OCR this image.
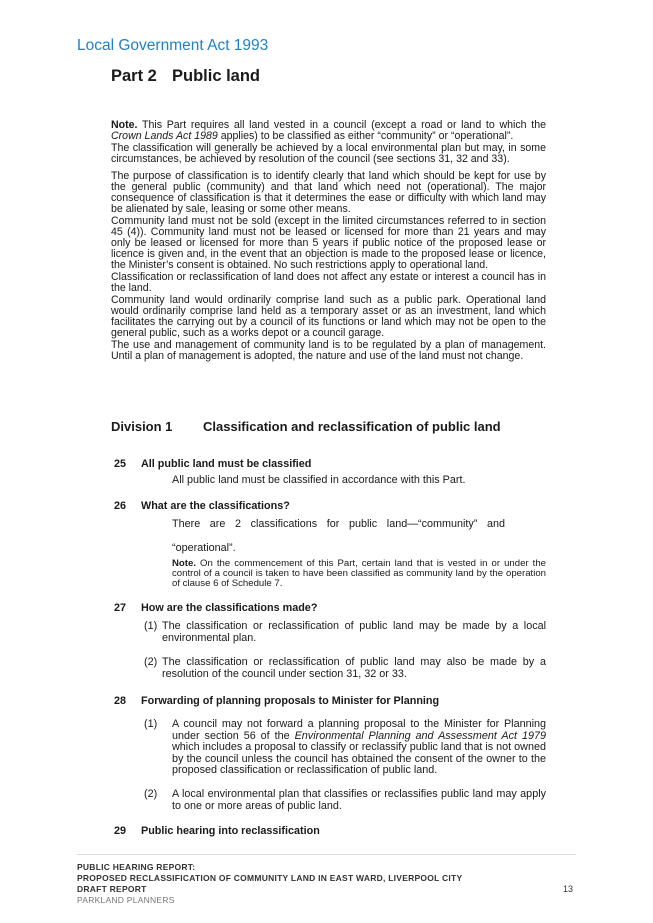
Local Government Act 1993
Part 2 Public land

Note. This Part requires all land vested in a council (except a road or land to which the Crown Lands Act 1989 applies) to be classified as either “community” or “operational”.

The classification will generally be achieved by a local environmental plan but may, in some circumstances, be achieved by resolution of the council (see sections 31, 32 and 33).

The purpose of classification is to identify clearly that land which should be kept for use by the general public (community) and that land which need not (operational). The major consequence of classification is that it determines the ease or difficulty with which land may be alienated by sale, leasing or some other means.

Community land must not be sold (except in the limited circumstances referred to in section 45 (4)). Community land must not be leased or licensed for more than 21 years and may only be leased or licensed for more than 5 years if public notice of the proposed lease or licence is given and, in the event that an objection is made to the proposed lease or licence, the Minister’s consent is obtained. No such restrictions apply to operational land.

Classification or reclassification of land does not affect any estate or interest a council has in the land.

Community land would ordinarily comprise land such as a public park. Operational land would ordinarily comprise land held as a temporary asset or as an investment, land which facilitates the carrying out by a council of its functions or land which may not be open to the general public, such as a works depot or a council garage.

The use and management of community land is to be regulated by a plan of management. Until a plan of management is adopted, the nature and use of the land must not change.

Division 1 Classification and reclassification of public land
25 All public land must be classified
All public land must be classified in accordance with this Part.
26 What are the classifications?
There are 2 classifications for public land—“community” and
“operational”.
Note. On the commencement of this Part, certain land that is vested in or under the control of a council is taken to have been classified as community land by the operation of clause 6 of Schedule 7.
27 How are the classifications made?
(1) The classification or reclassification of public land may be made by a local environmental plan.
(2) The classification or reclassification of public land may also be made by a resolution of the council under section 31, 32 or 33.
28 Forwarding of planning proposals to Minister for Planning
(1) A council may not forward a planning proposal to the Minister for Planning under section 56 of the Environmental Planning and Assessment Act 1979 which includes a proposal to classify or reclassify public land that is not owned by the council unless the council has obtained the consent of the owner to the proposed classification or reclassification of public land.
(2) A local environmental plan that classifies or reclassifies public land may apply to one or more areas of public land.
29 Public hearing into reclassification
PUBLIC HEARING REPORT:
PROPOSED RECLASSIFICATION OF COMMUNITY LAND IN EAST WARD, LIVERPOOL CITY
DRAFT REPORT
PARKLAND PLANNERS
13
